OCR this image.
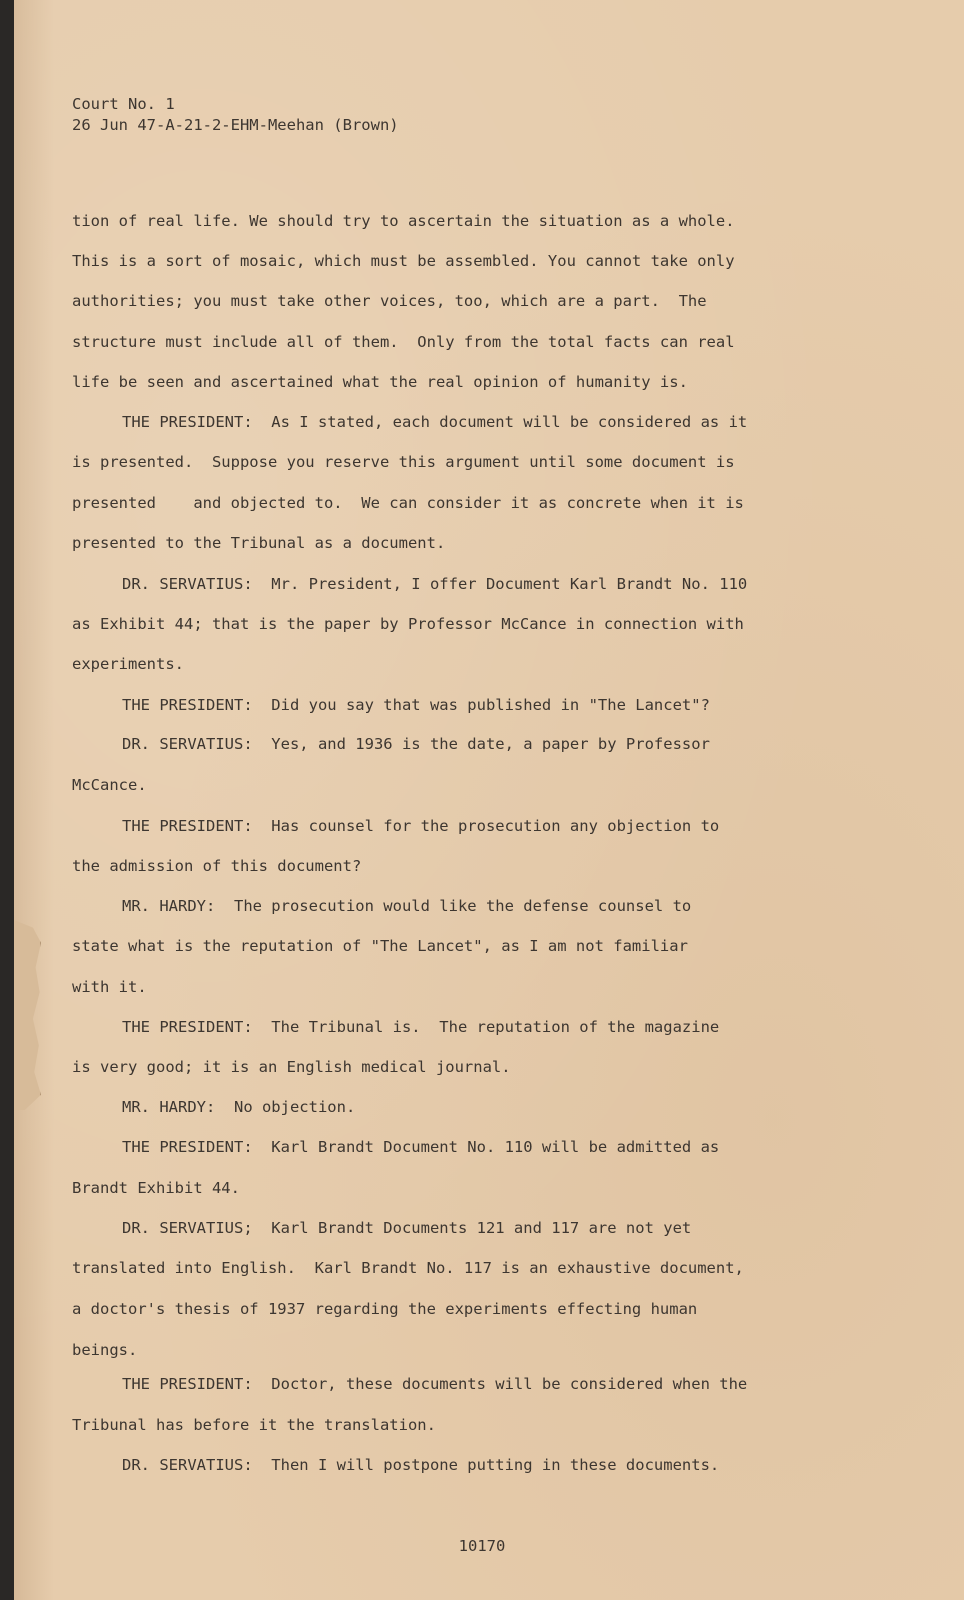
Court No. 1
26 Jun 47-A-21-2-EHM-Meehan (Brown)
tion of real life. We should try to ascertain the situation as a whole.
This is a sort of mosaic, which must be assembled. You cannot take only
authorities; you must take other voices, too, which are a part.  The
structure must include all of them.  Only from the total facts can real
life be seen and ascertained what the real opinion of humanity is.
THE PRESIDENT:  As I stated, each document will be considered as it
is presented.  Suppose you reserve this argument until some document is
presented    and objected to.  We can consider it as concrete when it is
presented to the Tribunal as a document.
DR. SERVATIUS:  Mr. President, I offer Document Karl Brandt No. 110
as Exhibit 44; that is the paper by Professor McCance in connection with
experiments.
THE PRESIDENT:  Did you say that was published in "The Lancet"?
DR. SERVATIUS:  Yes, and 1936 is the date, a paper by Professor
McCance.
THE PRESIDENT:  Has counsel for the prosecution any objection to
the admission of this document?
MR. HARDY:  The prosecution would like the defense counsel to
state what is the reputation of "The Lancet", as I am not familiar
with it.
THE PRESIDENT:  The Tribunal is.  The reputation of the magazine
is very good; it is an English medical journal.
MR. HARDY:  No objection.
THE PRESIDENT:  Karl Brandt Document No. 110 will be admitted as
Brandt Exhibit 44.
DR. SERVATIUS;  Karl Brandt Documents 121 and 117 are not yet
translated into English.  Karl Brandt No. 117 is an exhaustive document,
a doctor's thesis of 1937 regarding the experiments effecting human
beings.
THE PRESIDENT:  Doctor, these documents will be considered when the
Tribunal has before it the translation.
DR. SERVATIUS:  Then I will postpone putting in these documents.
10170
